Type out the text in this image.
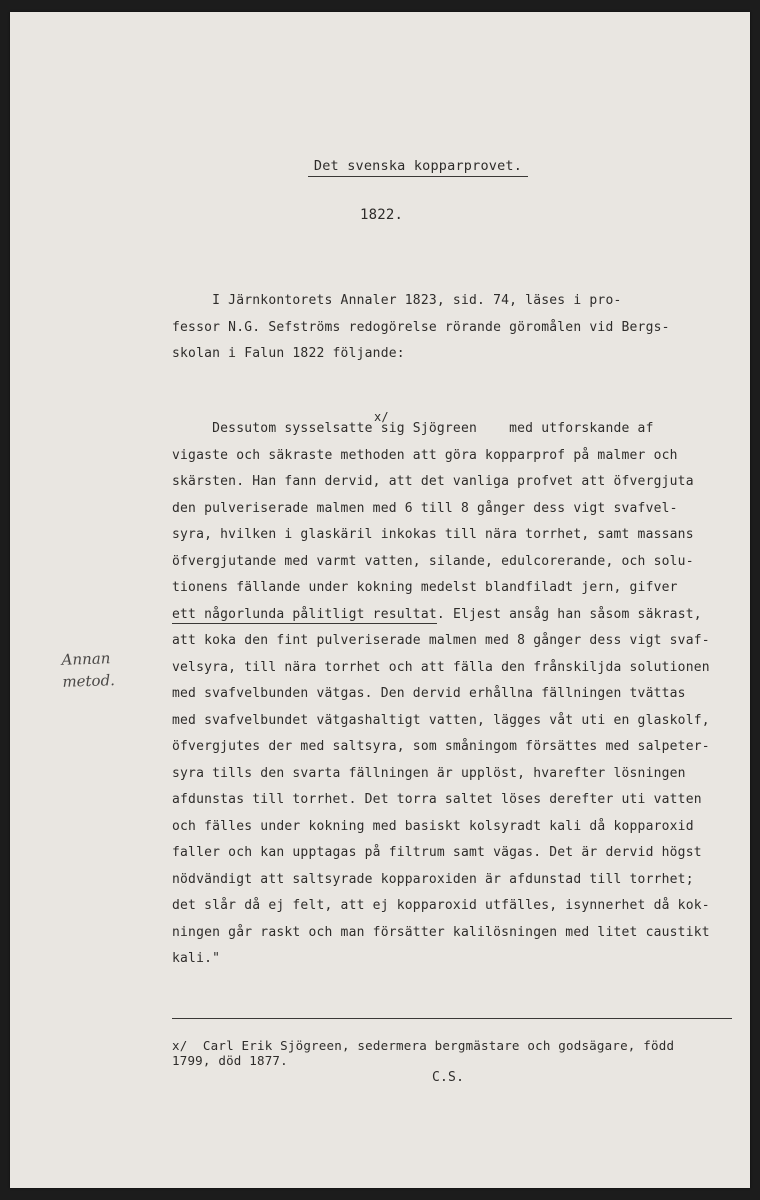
Det svenska kopparprovet.
1822.
I Järnkontorets Annaler 1823, sid. 74, läses i pro-
fessor N.G. Sefströms redogörelse rörande göromålen vid Bergs-
skolan i Falun 1822 följande:
x/
Dessutom sysselsatte sig Sjögreen    med utforskande af
vigaste och säkraste methoden att göra kopparprof på malmer och
skärsten. Han fann dervid, att det vanliga profvet att öfvergjuta
den pulveriserade malmen med 6 till 8 gånger dess vigt svafvel-
syra, hvilken i glaskäril inkokas till nära torrhet, samt massans
öfvergjutande med varmt vatten, silande, edulcorerande, och solu-
tionens fällande under kokning medelst blandfiladt jern, gifver
ett någorlunda pålitligt resultat. Eljest ansåg han såsom säkrast,
att koka den fint pulveriserade malmen med 8 gånger dess vigt svaf-
velsyra, till nära torrhet och att fälla den frånskiljda solutionen
med svafvelbunden vätgas. Den dervid erhållna fällningen tvättas
med svafvelbundet vätgashaltigt vatten, lägges våt uti en glaskolf,
öfvergjutes der med saltsyra, som småningom försättes med salpeter-
syra tills den svarta fällningen är upplöst, hvarefter lösningen
afdunstas till torrhet. Det torra saltet löses derefter uti vatten
och fälles under kokning med basiskt kolsyradt kali då kopparoxid
faller och kan upptagas på filtrum samt vägas. Det är dervid högst
nödvändigt att saltsyrade kopparoxiden är afdunstad till torrhet;
det slår då ej felt, att ej kopparoxid utfälles, isynnerhet då kok-
ningen går raskt och man försätter kalilösningen med litet caustikt
kali."
Annan
metod.
x/  Carl Erik Sjögreen, sedermera bergmästare och godsägare, född
1799, död 1877.
C.S.
